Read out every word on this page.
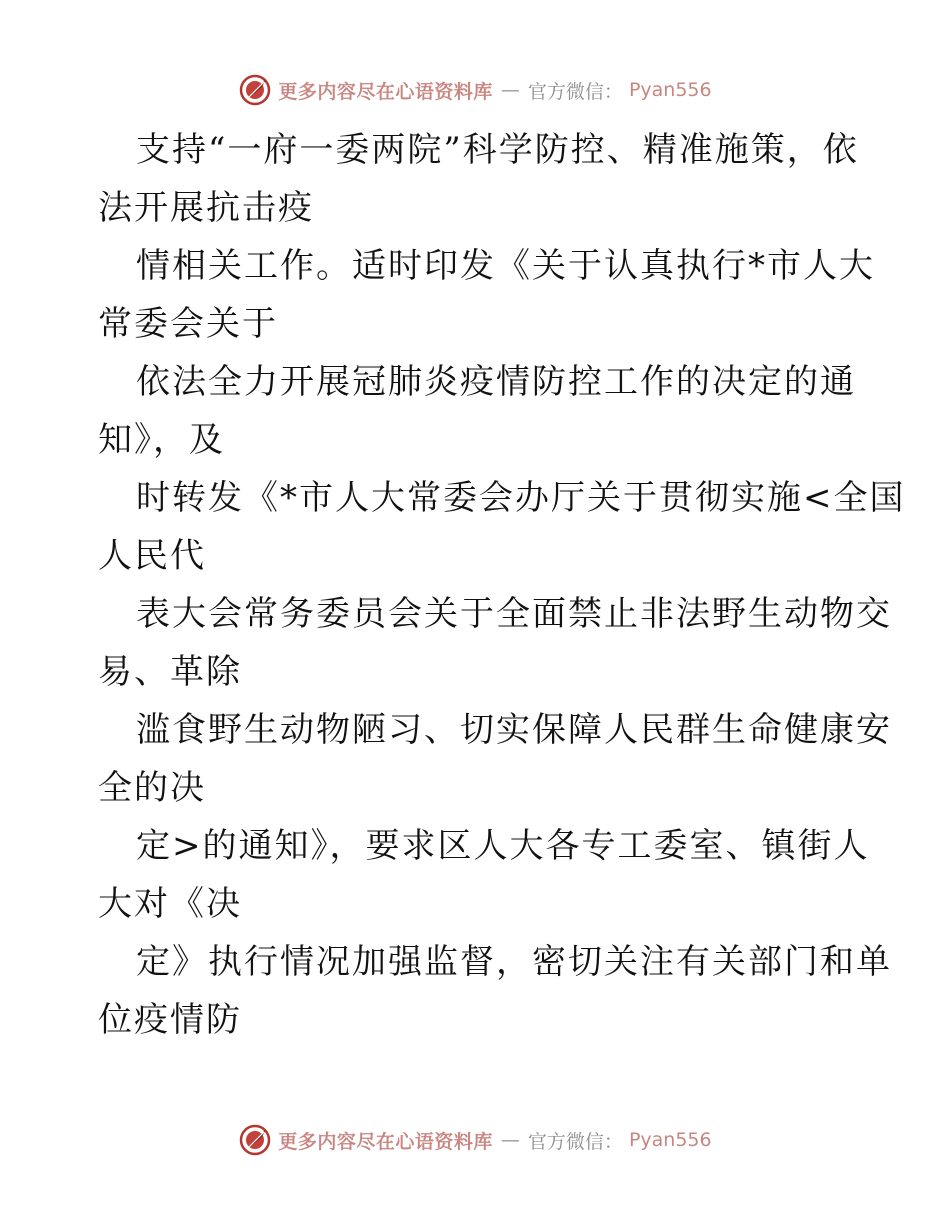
更多内容尽在心语资料库 — 官方微信： Pyan556
支持“一府一委两院”科学防控、精准施策，依
法开展抗击疫
情相关工作。适时印发《关于认真执行*市人大
常委会关于
依法全力开展冠肺炎疫情防控工作的决定的通
知》，及
时转发《*市人大常委会办厅关于贯彻实施<全国
人民代
表大会常务委员会关于全面禁止非法野生动物交
易、革除
滥食野生动物陋习、切实保障人民群生命健康安
全的决
定>的通知》，要求区人大各专工委室、镇街人
大对《决
定》执行情况加强监督，密切关注有关部门和单
位疫情防
更多内容尽在心语资料库 — 官方微信： Pyan556
